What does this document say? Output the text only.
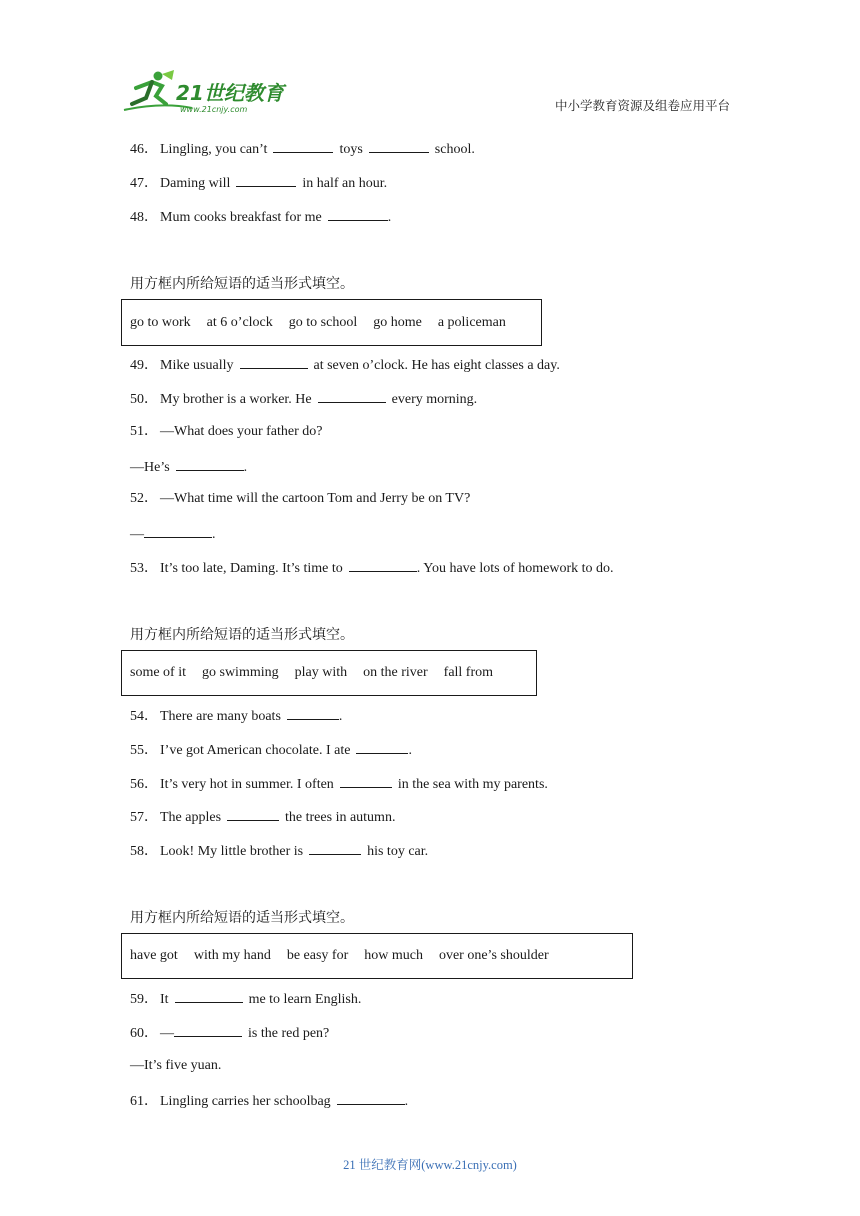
21世纪教育
www.21cnjy.com	中小学教育资源及组卷应用平台
46． Lingling, you can’t	toys	school.
47． Daming will	in half an hour.
48． Mum cooks breakfast for me	.
用方框内所给短语的适当形式填空。
go to work at 6 o’clock go to school go home a policeman
49． Mike usually	at seven o’clock. He has eight classes a day.
50． My brother is a worker. He	every morning.
51． —What does your father do?
—He’s	.
52． —What time will the cartoon Tom and Jerry be on TV?
—	.
53． It’s too late, Daming. It’s time to	. You have lots of homework to do.
用方框内所给短语的适当形式填空。
some of it go swimming play with on the river fall from
54． There are many boats	.
55． I’ve got American chocolate. I ate	.
56． It’s very hot in summer. I often	in the sea with my parents.
57． The apples	the trees in autumn.
58． Look! My little brother is	his toy car.
用方框内所给短语的适当形式填空。
have got with my hand be easy for how much over one’s shoulder
59． It	me to learn English.
60． —	is the red pen?
—It’s five yuan.
61． Lingling carries her schoolbag	.
21 世纪教育网(www.21cnjy.com)
